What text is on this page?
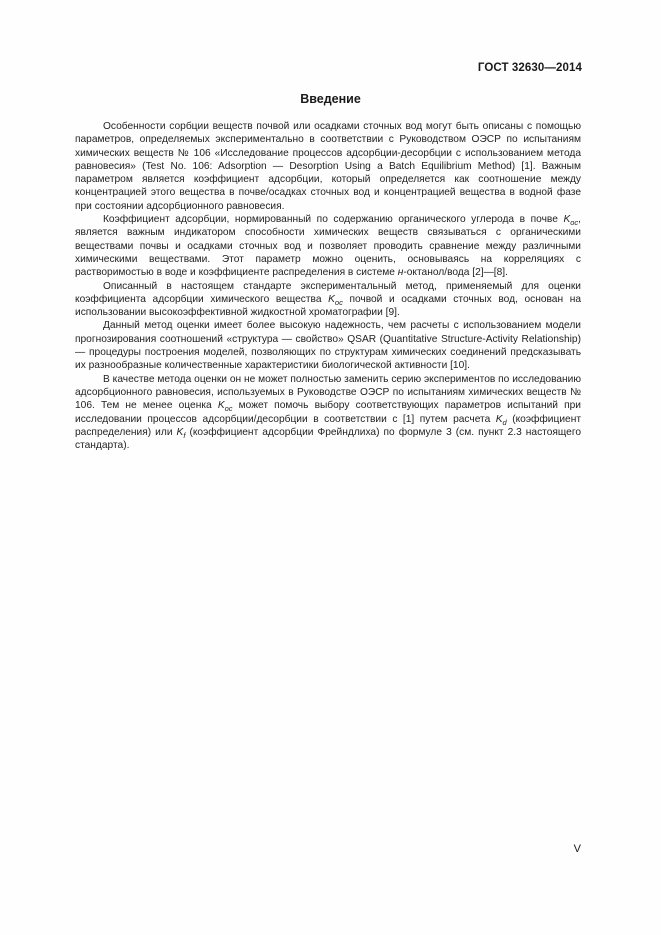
ГОСТ 32630—2014
Введение

Особенности сорбции веществ почвой или осадками сточных вод могут быть описаны с помощью параметров, определяемых экспериментально в соответствии с Руководством ОЭСР по испытаниям химических веществ № 106 «Исследование процессов адсорбции-десорбции с использованием метода равновесия» (Test No. 106: Adsorption — Desorption Using a Batch Equilibrium Method) [1]. Важным параметром является коэффициент адсорбции, который определяется как соотношение между концентрацией этого вещества в почве/осадках сточных вод и концентрацией вещества в водной фазе при состоянии адсорбционного равновесия.

Коэффициент адсорбции, нормированный по содержанию органического углерода в почве $K_{oc}$, является важным индикатором способности химических веществ связываться с органическими веществами почвы и осадками сточных вод и позволяет проводить сравнение между различными химическими веществами. Этот параметр можно оценить, основываясь на корреляциях с растворимостью в воде и коэффициенте распределения в системе н-октанол/вода [2]—[8].

Описанный в настоящем стандарте экспериментальный метод, применяемый для оценки коэффициента адсорбции химического вещества $K_{oc}$ почвой и осадками сточных вод, основан на использовании высокоэффективной жидкостной хроматографии [9].

Данный метод оценки имеет более высокую надежность, чем расчеты с использованием модели прогнозирования соотношений «структура — свойство» QSAR (Quantitative Structure-Activity Relationship) — процедуры построения моделей, позволяющих по структурам химических соединений предсказывать их разнообразные количественные характеристики биологической активности [10].

В качестве метода оценки он не может полностью заменить серию экспериментов по исследованию адсорбционного равновесия, используемых в Руководстве ОЭСР по испытаниям химических веществ № 106. Тем не менее оценка $K_{oc}$ может помочь выбору соответствующих параметров испытаний при исследовании процессов адсорбции/десорбции в соответствии с [1] путем расчета $K_d$ (коэффициент распределения) или $K_f$ (коэффициент адсорбции Фрейндлиха) по формуле 3 (см. пункт 2.3 настоящего стандарта).

V
